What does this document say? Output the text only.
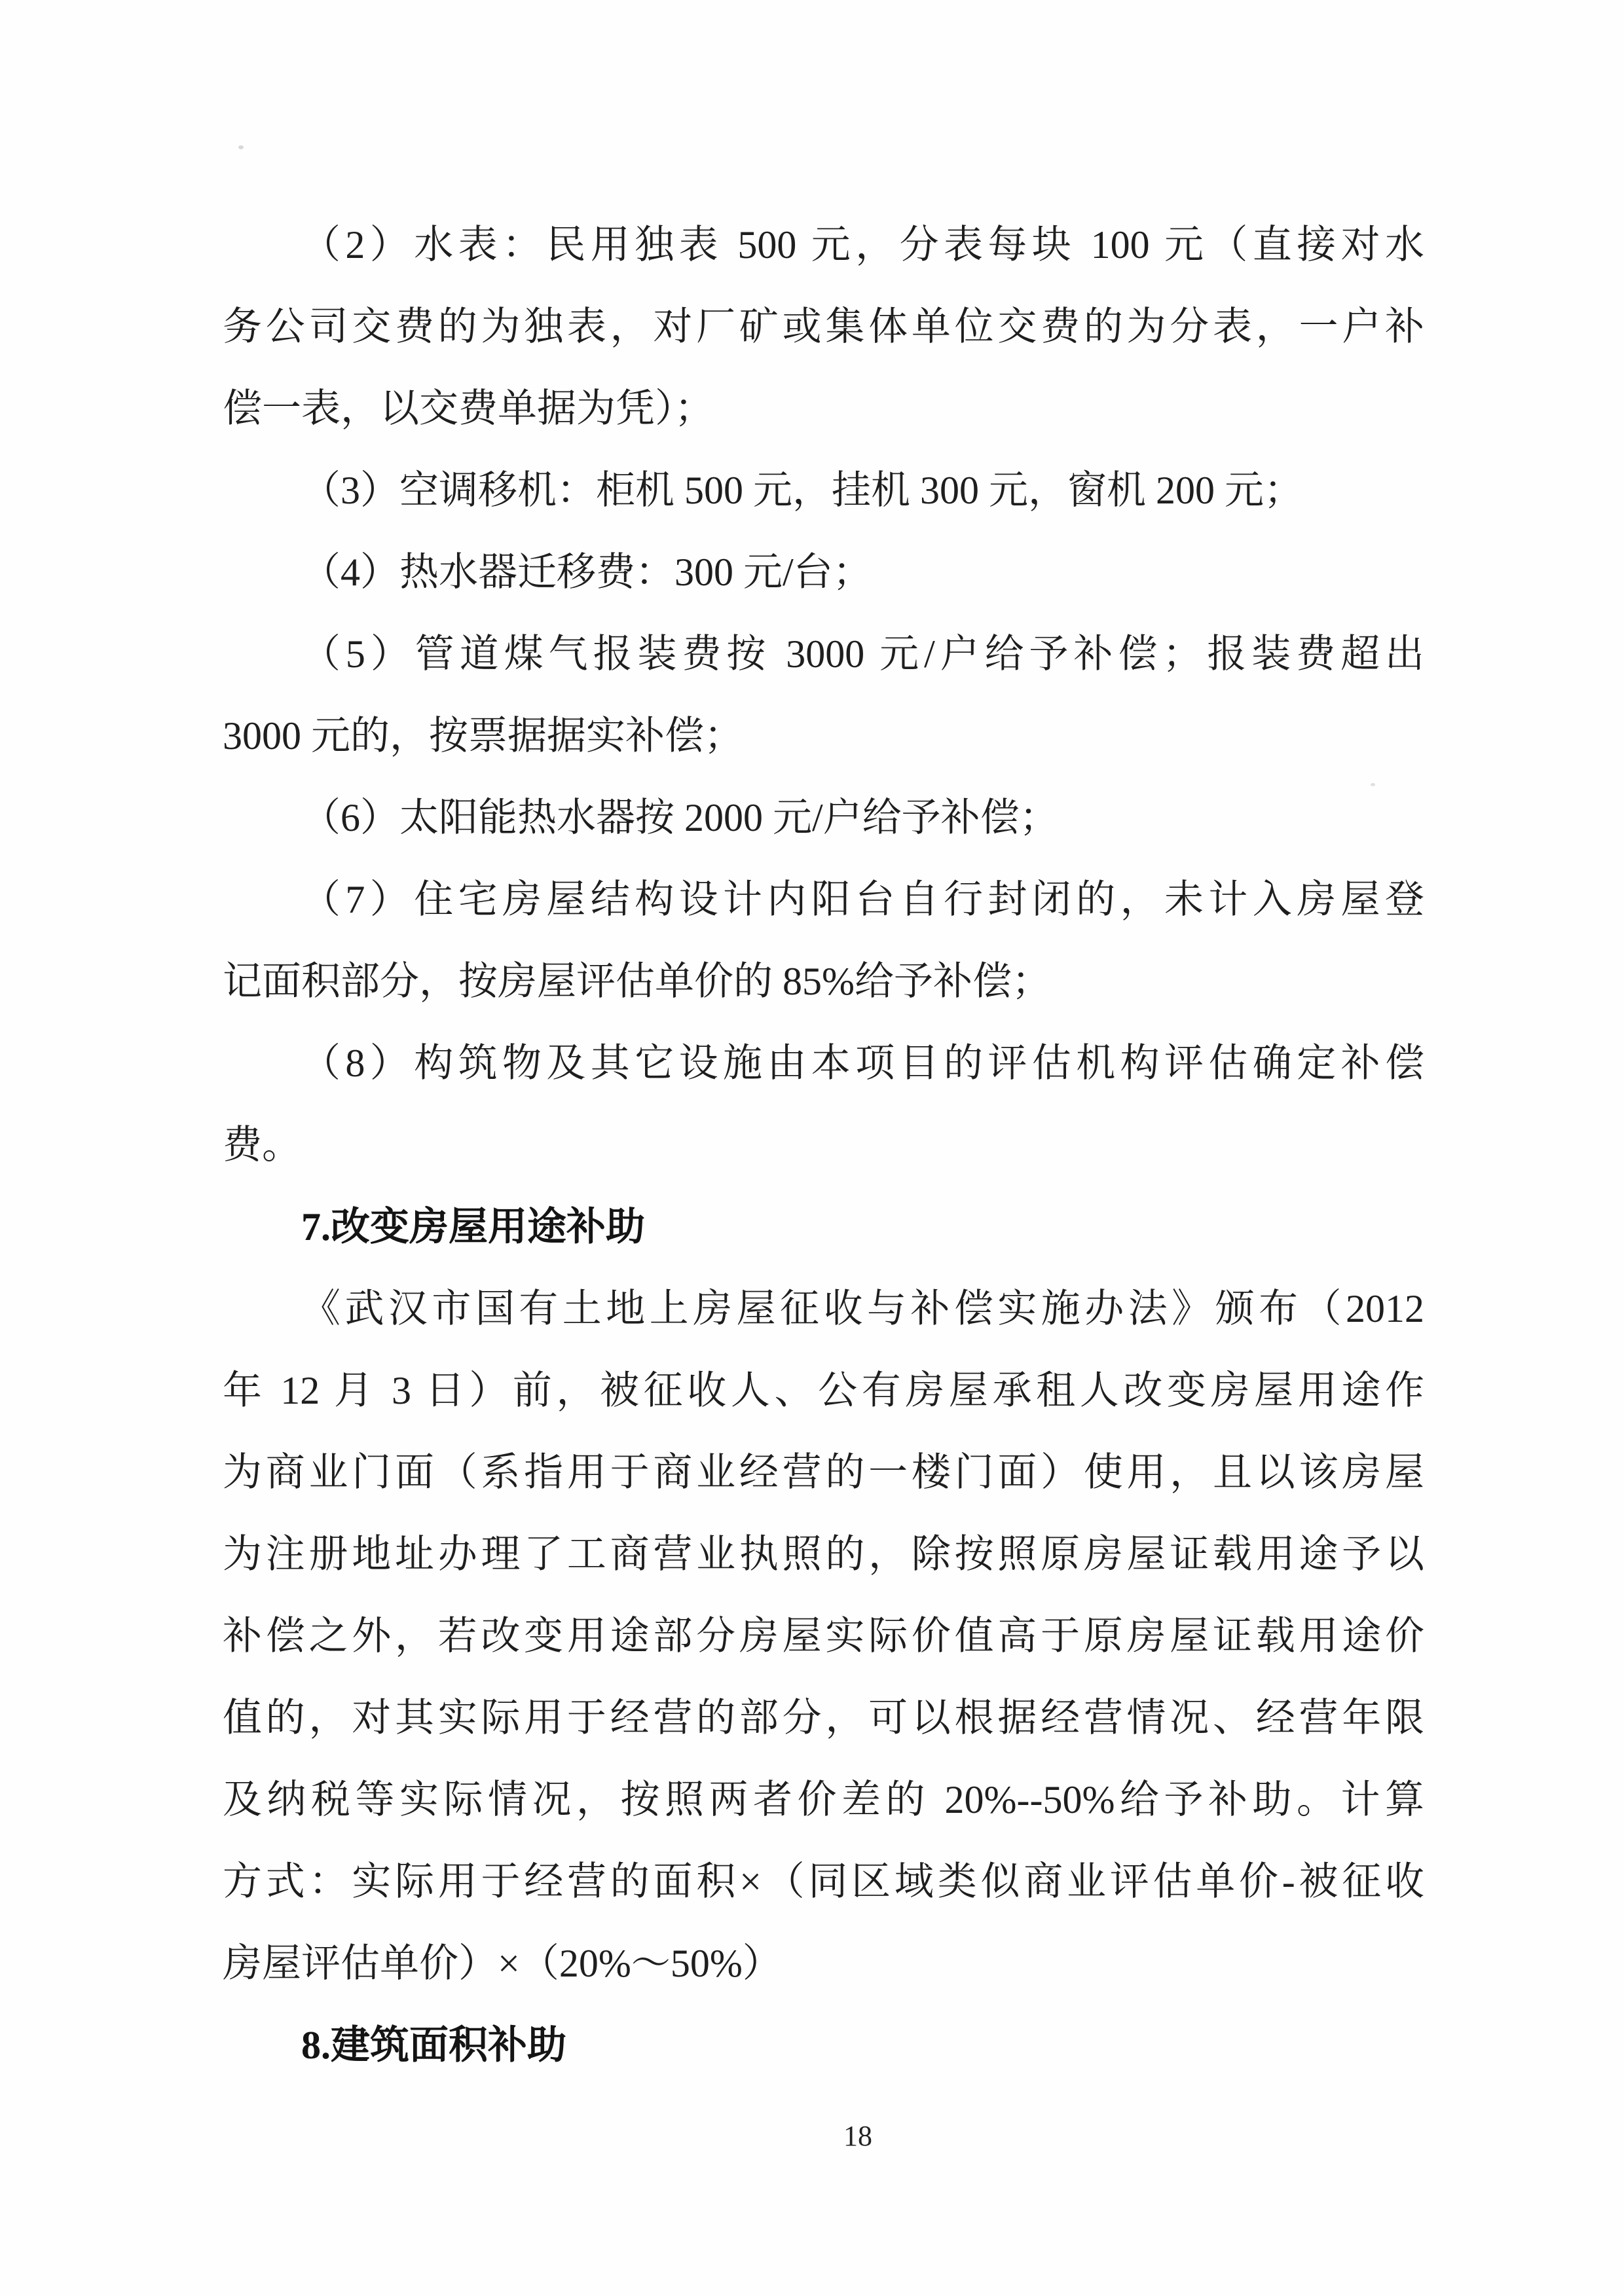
（2）水表：民用独表 500 元，分表每块 100 元（直接对水
务公司交费的为独表，对厂矿或集体单位交费的为分表，一户补
偿一表，以交费单据为凭）；
（3）空调移机：柜机 500 元，挂机 300 元，窗机 200 元；
（4）热水器迁移费：300 元/台；
（5）管道煤气报装费按 3000 元/户给予补偿；报装费超出
3000 元的，按票据据实补偿；
（6）太阳能热水器按 2000 元/户给予补偿；
（7）住宅房屋结构设计内阳台自行封闭的，未计入房屋登
记面积部分，按房屋评估单价的 85%给予补偿；
（8）构筑物及其它设施由本项目的评估机构评估确定补偿
费。
7.改变房屋用途补助
《武汉市国有土地上房屋征收与补偿实施办法》颁布（2012
年 12 月 3 日）前，被征收人、公有房屋承租人改变房屋用途作
为商业门面（系指用于商业经营的一楼门面）使用，且以该房屋
为注册地址办理了工商营业执照的，除按照原房屋证载用途予以
补偿之外，若改变用途部分房屋实际价值高于原房屋证载用途价
值的，对其实际用于经营的部分，可以根据经营情况、经营年限
及纳税等实际情况，按照两者价差的 20%--50%给予补助。计算
方式：实际用于经营的面积×（同区域类似商业评估单价-被征收
房屋评估单价）×（20%～50%）
8.建筑面积补助
18
